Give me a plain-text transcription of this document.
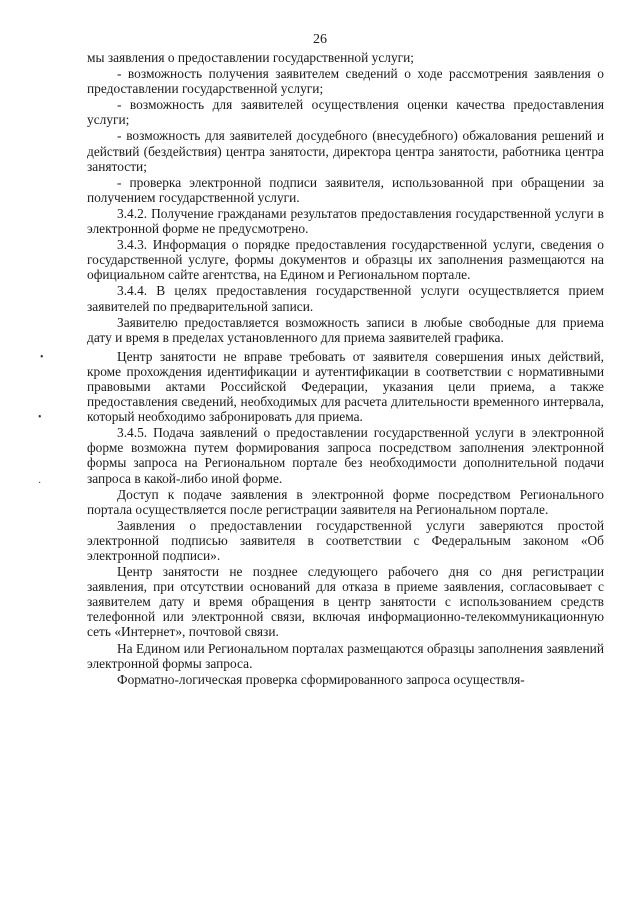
26

мы заявления о предоставлении государственной услуги;

- возможность получения заявителем сведений о ходе рассмотрения заявления о предоставлении государственной услуги;

- возможность для заявителей осуществления оценки качества предоставления услуги;

- возможность для заявителей досудебного (внесудебного) обжалования решений и действий (бездействия) центра занятости, директора центра занятости, работника центра занятости;

- проверка электронной подписи заявителя, использованной при обращении за получением государственной услуги.

3.4.2. Получение гражданами результатов предоставления государственной услуги в электронной форме не предусмотрено.

3.4.3. Информация о порядке предоставления государственной услуги, сведения о государственной услуге, формы документов и образцы их заполнения размещаются на официальном сайте агентства, на Едином и Региональном портале.

3.4.4. В целях предоставления государственной услуги осуществляется прием заявителей по предварительной записи.

Заявителю предоставляется возможность записи в любые свободные для приема дату и время в пределах установленного для приема заявителей графика.

Центр занятости не вправе требовать от заявителя совершения иных действий, кроме прохождения идентификации и аутентификации в соответствии с нормативными правовыми актами Российской Федерации, указания цели приема, а также предоставления сведений, необходимых для расчета длительности временного интервала, который необходимо забронировать для приема.

3.4.5. Подача заявлений о предоставлении государственной услуги в электронной форме возможна путем формирования запроса посредством заполнения электронной формы запроса на Региональном портале без необходимости дополнительной подачи запроса в какой-либо иной форме.

Доступ к подаче заявления в электронной форме посредством Регионального портала осуществляется после регистрации заявителя на Региональном портале.

Заявления о предоставлении государственной услуги заверяются простой электронной подписью заявителя в соответствии с Федеральным законом «Об электронной подписи».

Центр занятости не позднее следующего рабочего дня со дня регистрации заявления, при отсутствии оснований для отказа в приеме заявления, согласовывает с заявителем дату и время обращения в центр занятости с использованием средств телефонной или электронной связи, включая информационно-телекоммуникационную сеть «Интернет», почтовой связи.

На Едином или Региональном порталах размещаются образцы заполнения заявлений электронной формы запроса.

Форматно-логическая проверка сформированного запроса осуществля-

•
•
·
